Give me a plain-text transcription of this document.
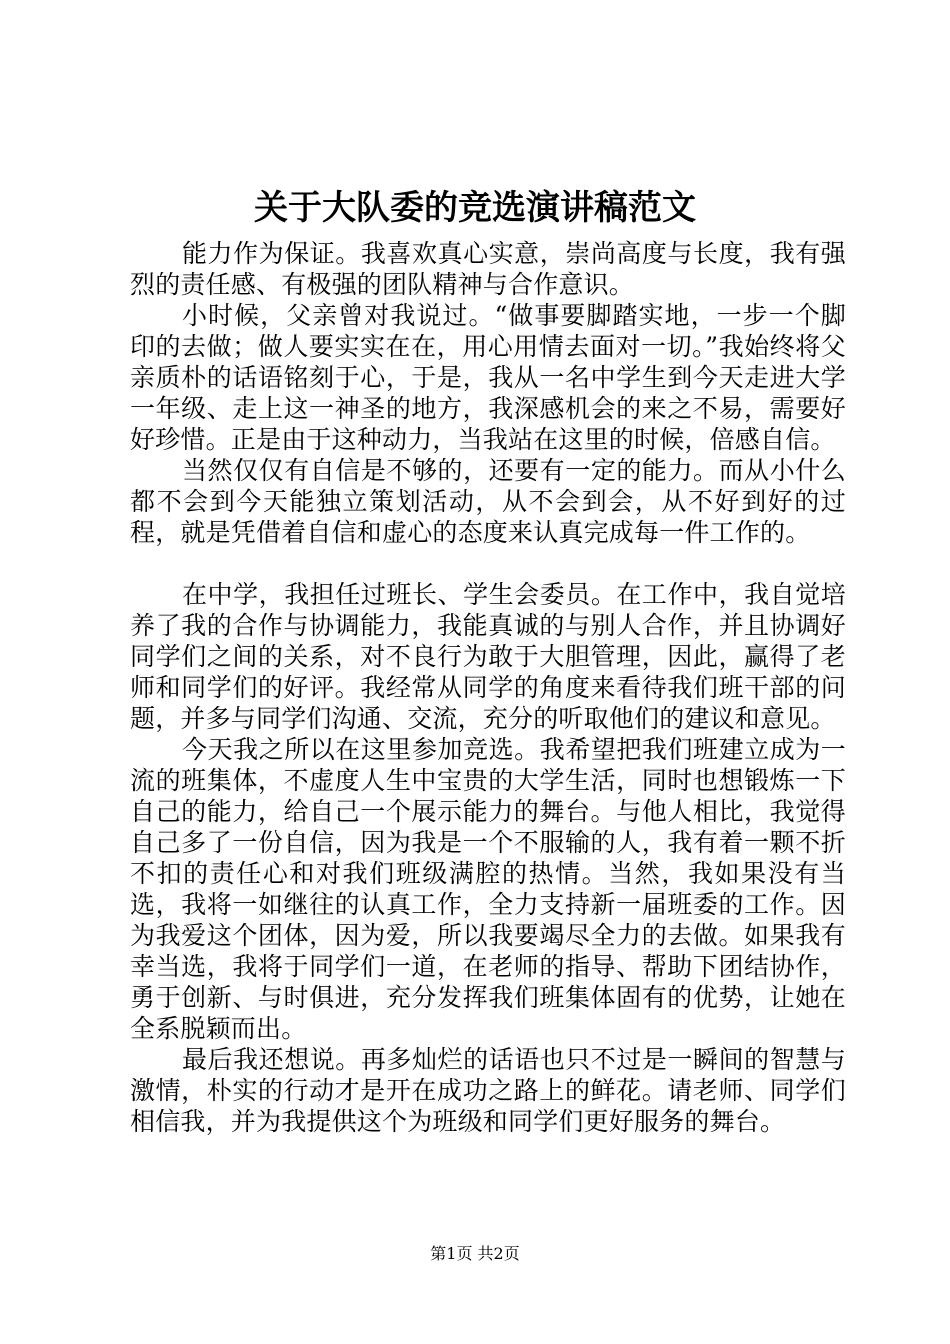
关于大队委的竞选演讲稿范文

能力作为保证。我喜欢真心实意，崇尚高度与长度，我有强烈的责任感、有极强的团队精神与合作意识。

小时候，父亲曾对我说过。“做事要脚踏实地，一步一个脚印的去做；做人要实实在在，用心用情去面对一切。”我始终将父亲质朴的话语铭刻于心，于是，我从一名中学生到今天走进大学一年级、走上这一神圣的地方，我深感机会的来之不易，需要好好珍惜。正是由于这种动力，当我站在这里的时候，倍感自信。

当然仅仅有自信是不够的，还要有一定的能力。而从小什么都不会到今天能独立策划活动，从不会到会，从不好到好的过程，就是凭借着自信和虚心的态度来认真完成每一件工作的。

在中学，我担任过班长、学生会委员。在工作中，我自觉培养了我的合作与协调能力，我能真诚的与别人合作，并且协调好同学们之间的关系，对不良行为敢于大胆管理，因此，赢得了老师和同学们的好评。我经常从同学的角度来看待我们班干部的问题，并多与同学们沟通、交流，充分的听取他们的建议和意见。

今天我之所以在这里参加竞选。我希望把我们班建立成为一流的班集体，不虚度人生中宝贵的大学生活，同时也想锻炼一下自己的能力，给自己一个展示能力的舞台。与他人相比，我觉得自己多了一份自信，因为我是一个不服输的人，我有着一颗不折不扣的责任心和对我们班级满腔的热情。当然，我如果没有当选，我将一如继往的认真工作，全力支持新一届班委的工作。因为我爱这个团体，因为爱，所以我要竭尽全力的去做。如果我有幸当选，我将于同学们一道，在老师的指导、帮助下团结协作，勇于创新、与时俱进，充分发挥我们班集体固有的优势，让她在全系脱颖而出。

最后我还想说。再多灿烂的话语也只不过是一瞬间的智慧与激情，朴实的行动才是开在成功之路上的鲜花。请老师、同学们相信我，并为我提供这个为班级和同学们更好服务的舞台。

第1页 共2页
